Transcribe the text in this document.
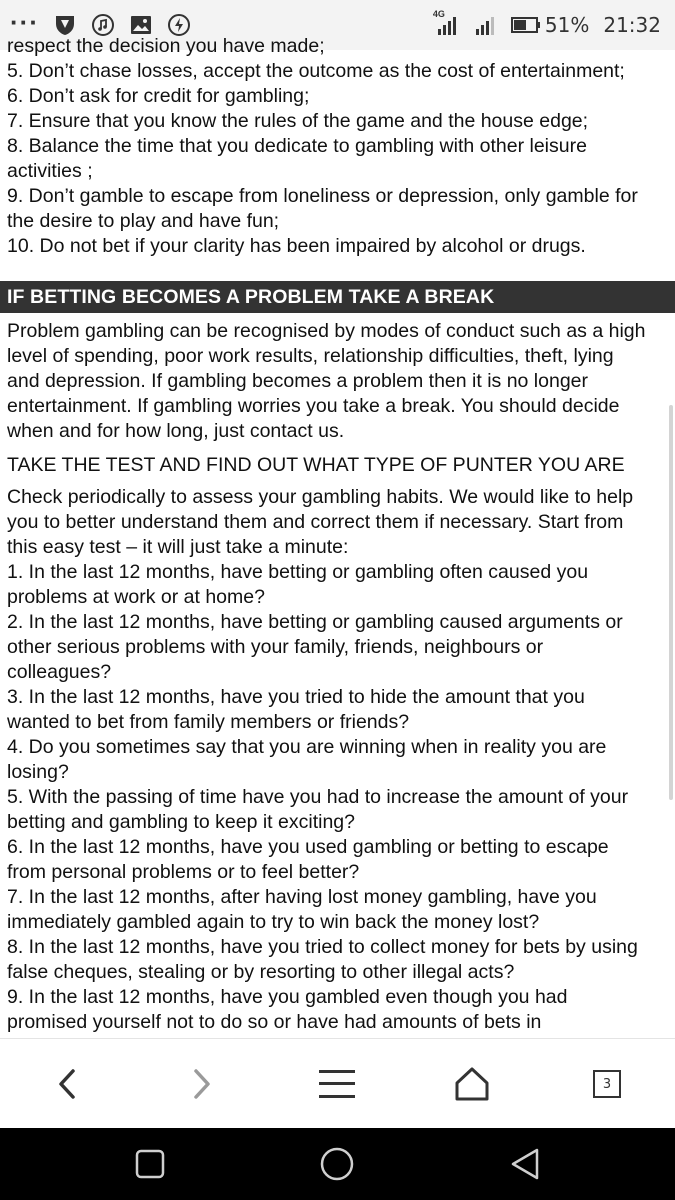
···	4G	51% 21:32

respect the decision you have made;

5. Don’t chase losses, accept the outcome as the cost of entertainment;

6. Don’t ask for credit for gambling;

7. Ensure that you know the rules of the game and the house edge;

8. Balance the time that you dedicate to gambling with other leisure activities ;

9. Don’t gamble to escape from loneliness or depression, only gamble for the desire to play and have fun;

10. Do not bet if your clarity has been impaired by alcohol or drugs.

IF BETTING BECOMES A PROBLEM TAKE A BREAK

Problem gambling can be recognised by modes of conduct such as a high level of spending, poor work results, relationship difficulties, theft, lying and depression. If gambling becomes a problem then it is no longer entertainment. If gambling worries you take a break. You should decide when and for how long, just contact us.

TAKE THE TEST AND FIND OUT WHAT TYPE OF PUNTER YOU ARE

Check periodically to assess your gambling habits. We would like to help you to better understand them and correct them if necessary. Start from this easy test – it will just take a minute:

1. In the last 12 months, have betting or gambling often caused you problems at work or at home?

2. In the last 12 months, have betting or gambling caused arguments or other serious problems with your family, friends, neighbours or colleagues?

3. In the last 12 months, have you tried to hide the amount that you wanted to bet from family members or friends?

4. Do you sometimes say that you are winning when in reality you are losing?

5. With the passing of time have you had to increase the amount of your betting and gambling to keep it exciting?

6. In the last 12 months, have you used gambling or betting to escape from personal problems or to feel better?

7. In the last 12 months, after having lost money gambling, have you immediately gambled again to try to win back the money lost?

8. In the last 12 months, have you tried to collect money for bets by using false cheques, stealing or by resorting to other illegal acts?

9. In the last 12 months, have you gambled even though you had promised yourself not to do so or have had amounts of bets in

3
